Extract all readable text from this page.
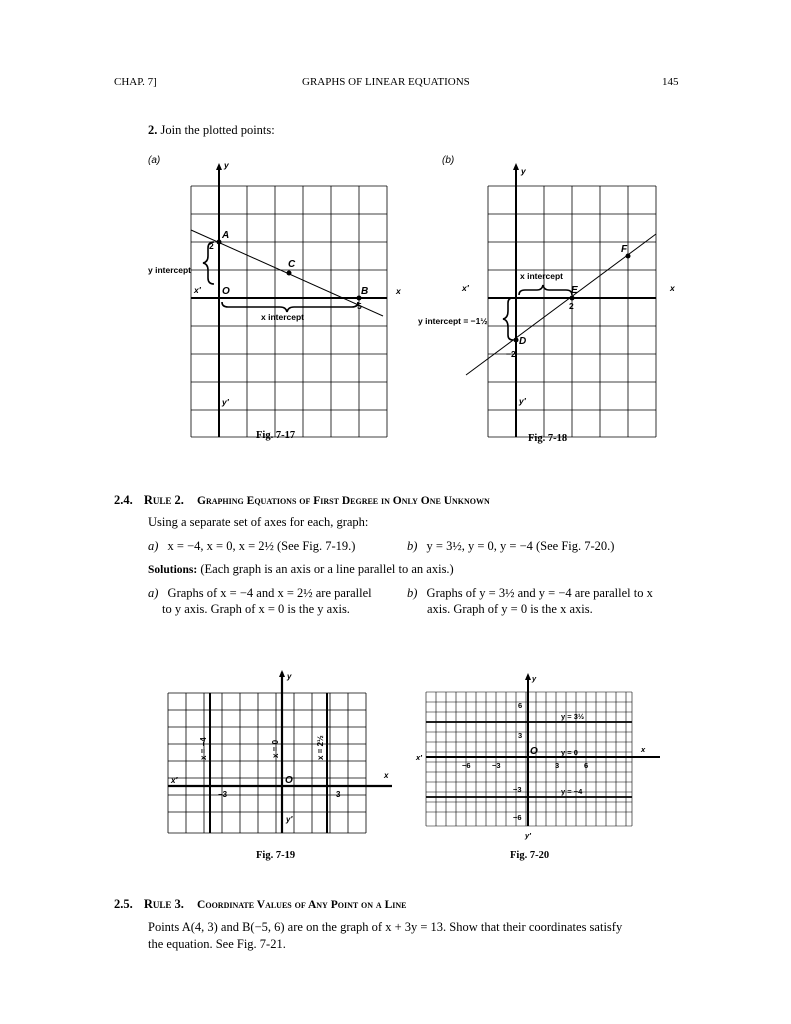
CHAP. 7]	GRAPHS OF LINEAR EQUATIONS	145
2. Join the plotted points:
(a)	y
x
x′
y′
O
A
B
C
2
5
y intercept
x intercept
Fig. 7-17
(b)
y
x
x′
y′
D
E
F
2
−2
x intercept
y intercept = −1½
Fig. 7-18
2.4. Rule 2. Graphing Equations of First Degree in Only One Unknown
Using a separate set of axes for each, graph:
a) x = −4, x = 0, x = 2½ (See Fig. 7-19.)	b) y = 3½, y = 0, y = −4 (See Fig. 7-20.)
Solutions: (Each graph is an axis or a line parallel to an axis.)
a) Graphs of x = −4 and x = 2½ are parallel
to y axis. Graph of x = 0 is the y axis.
b) Graphs of y = 3½ and y = −4 are parallel to x
axis. Graph of y = 0 is the x axis.
y
x
x′
y′
O
−3	3
x = −4	x = 0	x = 2½
Fig. 7-19
y
x
x′
y′
O
6
3
−3
−6
−6	−3	3	6
y = 3½
y = 0
y = −4
Fig. 7-20
2.5. Rule 3. Coordinate Values of Any Point on a Line
Points A(4, 3) and B(−5, 6) are on the graph of x + 3y = 13. Show that their coordinates satisfy
the equation. See Fig. 7-21.
